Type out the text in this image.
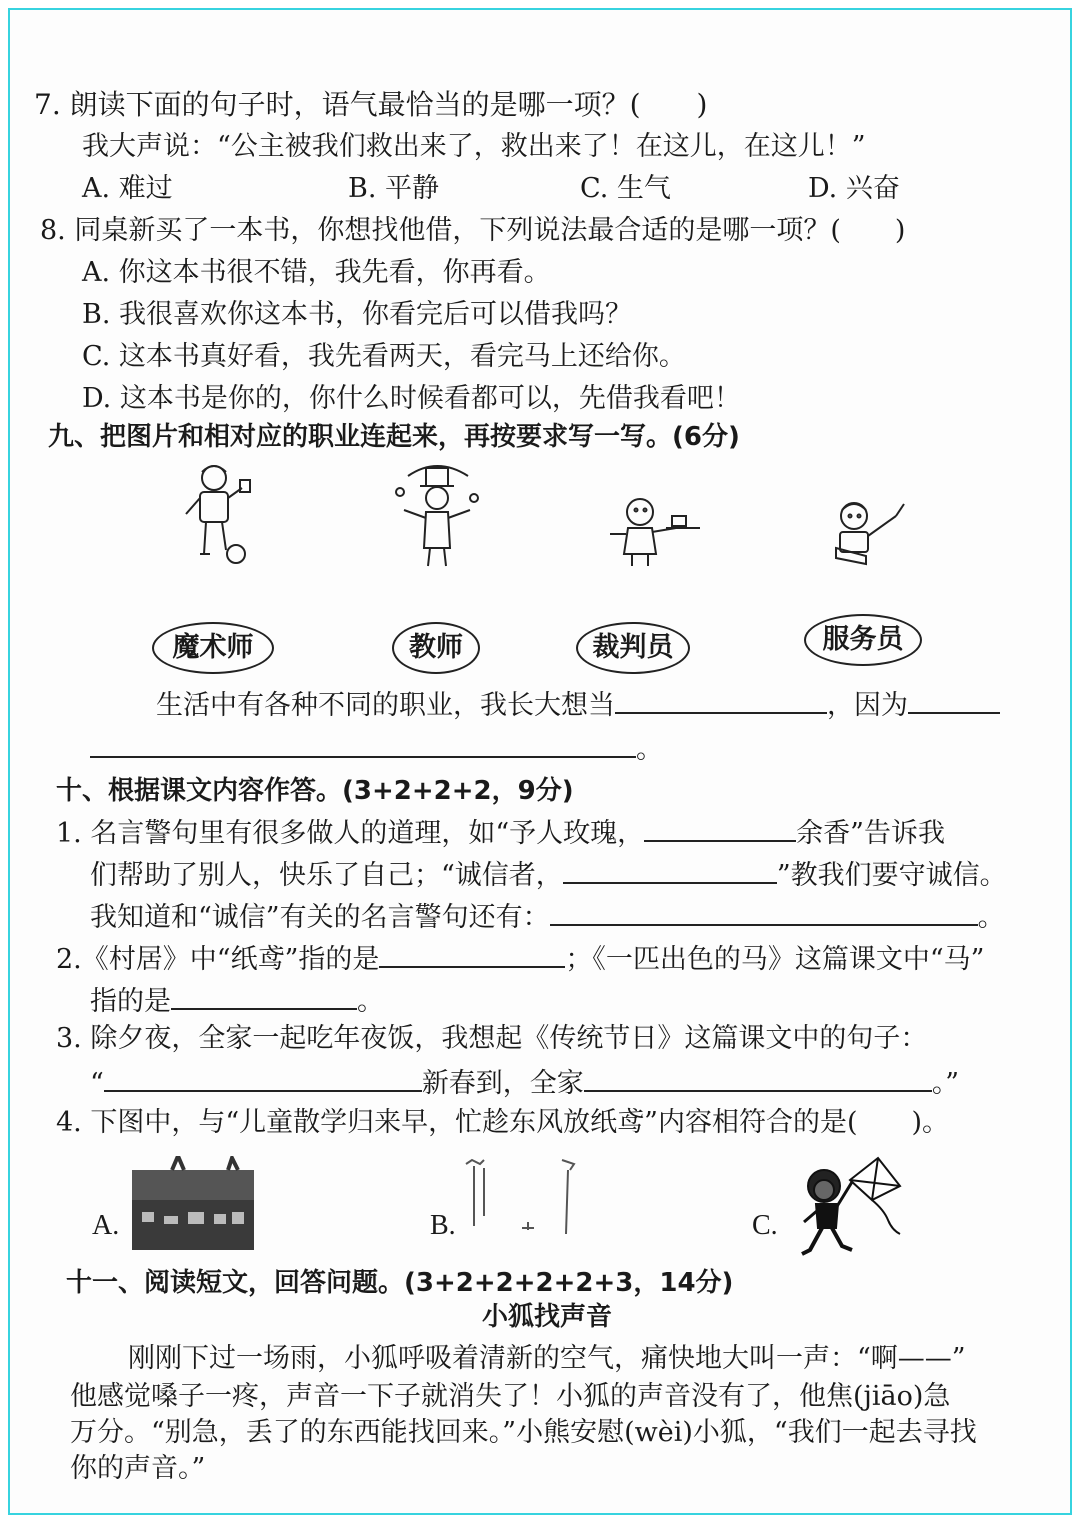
7. 朗读下面的句子时，语气最恰当的是哪一项？(　　)
我大声说：“公主被我们救出来了，救出来了！在这儿，在这儿！”
A. 难过	B. 平静	C. 生气	D. 兴奋
8. 同桌新买了一本书，你想找他借，下列说法最合适的是哪一项？(　　)
A. 你这本书很不错，我先看，你再看。
B. 我很喜欢你这本书，你看完后可以借我吗？
C. 这本书真好看，我先看两天，看完马上还给你。
D. 这本书是你的，你什么时候看都可以，先借我看吧！
九、把图片和相对应的职业连起来，再按要求写一写。(6分)
魔术师	教师	裁判员	服务员
生活中有各种不同的职业，我长大想当	，因为
。
十、根据课文内容作答。(3+2+2+2，9分)
1. 名言警句里有很多做人的道理，如“予人玫瑰，	余香”告诉我
们帮助了别人，快乐了自己；“诚信者，	”教我们要守诚信。
我知道和“诚信”有关的名言警句还有：	。
2.《村居》中“纸鸢”指的是	；《一匹出色的马》这篇课文中“马”
指的是	。
3. 除夕夜，全家一起吃年夜饭，我想起《传统节日》这篇课文中的句子：
“	新春到，全家	。”
4. 下图中，与“儿童散学归来早，忙趁东风放纸鸢”内容相符合的是(　　)。
A.	B.	C.
十一、阅读短文，回答问题。(3+2+2+2+2+3，14分)
小狐找声音
刚刚下过一场雨，小狐呼吸着清新的空气，痛快地大叫一声：“啊——”
他感觉嗓子一疼，声音一下子就消失了！小狐的声音没有了，他焦(jiāo)急
万分。“别急，丢了的东西能找回来。”小熊安慰(wèi)小狐，“我们一起去寻找
你的声音。”
